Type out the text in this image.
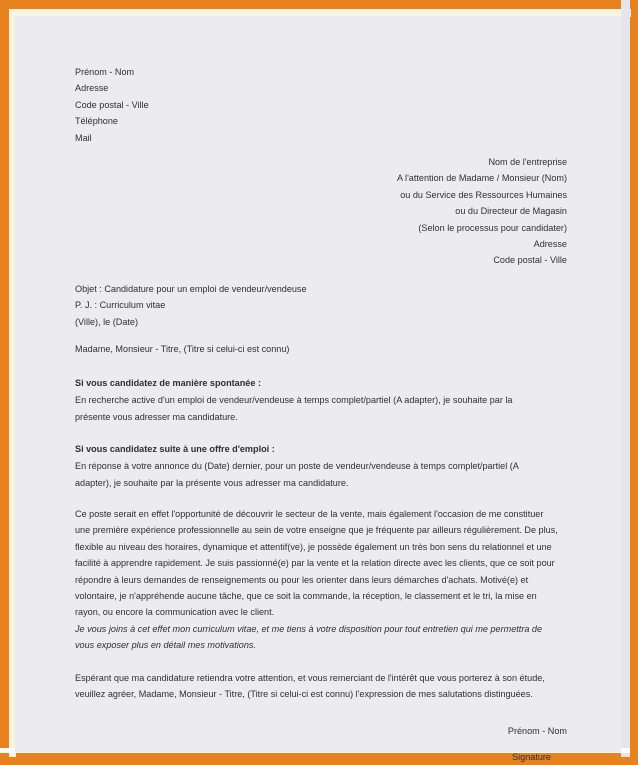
Prénom - Nom
Adresse
Code postal - Ville
Téléphone
Mail
Nom de l'entreprise
A l'attention de Madame / Monsieur (Nom)
ou du Service des Ressources Humaines
ou du Directeur de Magasin
(Selon le processus pour candidater)
Adresse
Code postal - Ville
Objet : Candidature pour un emploi de vendeur/vendeuse
P. J. : Curriculum vitae
(Ville), le (Date)
Madame, Monsieur - Titre, (Titre si celui-ci est connu)

Si vous candidatez de manière spontanée :

En recherche active d'un emploi de vendeur/vendeuse à temps complet/partiel (A adapter), je souhaite par la présente vous adresser ma candidature.

Si vous candidatez suite à une offre d'emploi :

En réponse à votre annonce du (Date) dernier, pour un poste de vendeur/vendeuse à temps complet/partiel (A adapter), je souhaite par la présente vous adresser ma candidature.

Ce poste serait en effet l'opportunité de découvrir le secteur de la vente, mais également l'occasion de me constituer une première expérience professionnelle au sein de votre enseigne que je fréquente par ailleurs régulièrement. De plus, flexible au niveau des horaires, dynamique et attentif(ve), je possède également un très bon sens du relationnel et une facilité à apprendre rapidement. Je suis passionné(e) par la vente et la relation directe avec les clients, que ce soit pour répondre à leurs demandes de renseignements ou pour les orienter dans leurs démarches d'achats. Motivé(e) et volontaire, je n'appréhende aucune tâche, que ce soit la commande, la réception, le classement et le tri, la mise en rayon, ou encore la communication avec le client.

Je vous joins à cet effet mon curriculum vitae, et me tiens à votre disposition pour tout entretien qui me permettra de vous exposer plus en détail mes motivations.

Espérant que ma candidature retiendra votre attention, et vous remerciant de l'intérêt que vous porterez à son étude, veuillez agréer, Madame, Monsieur - Titre, (Titre si celui-ci est connu) l'expression de mes salutations distinguées.

Prénom - Nom
Signature
